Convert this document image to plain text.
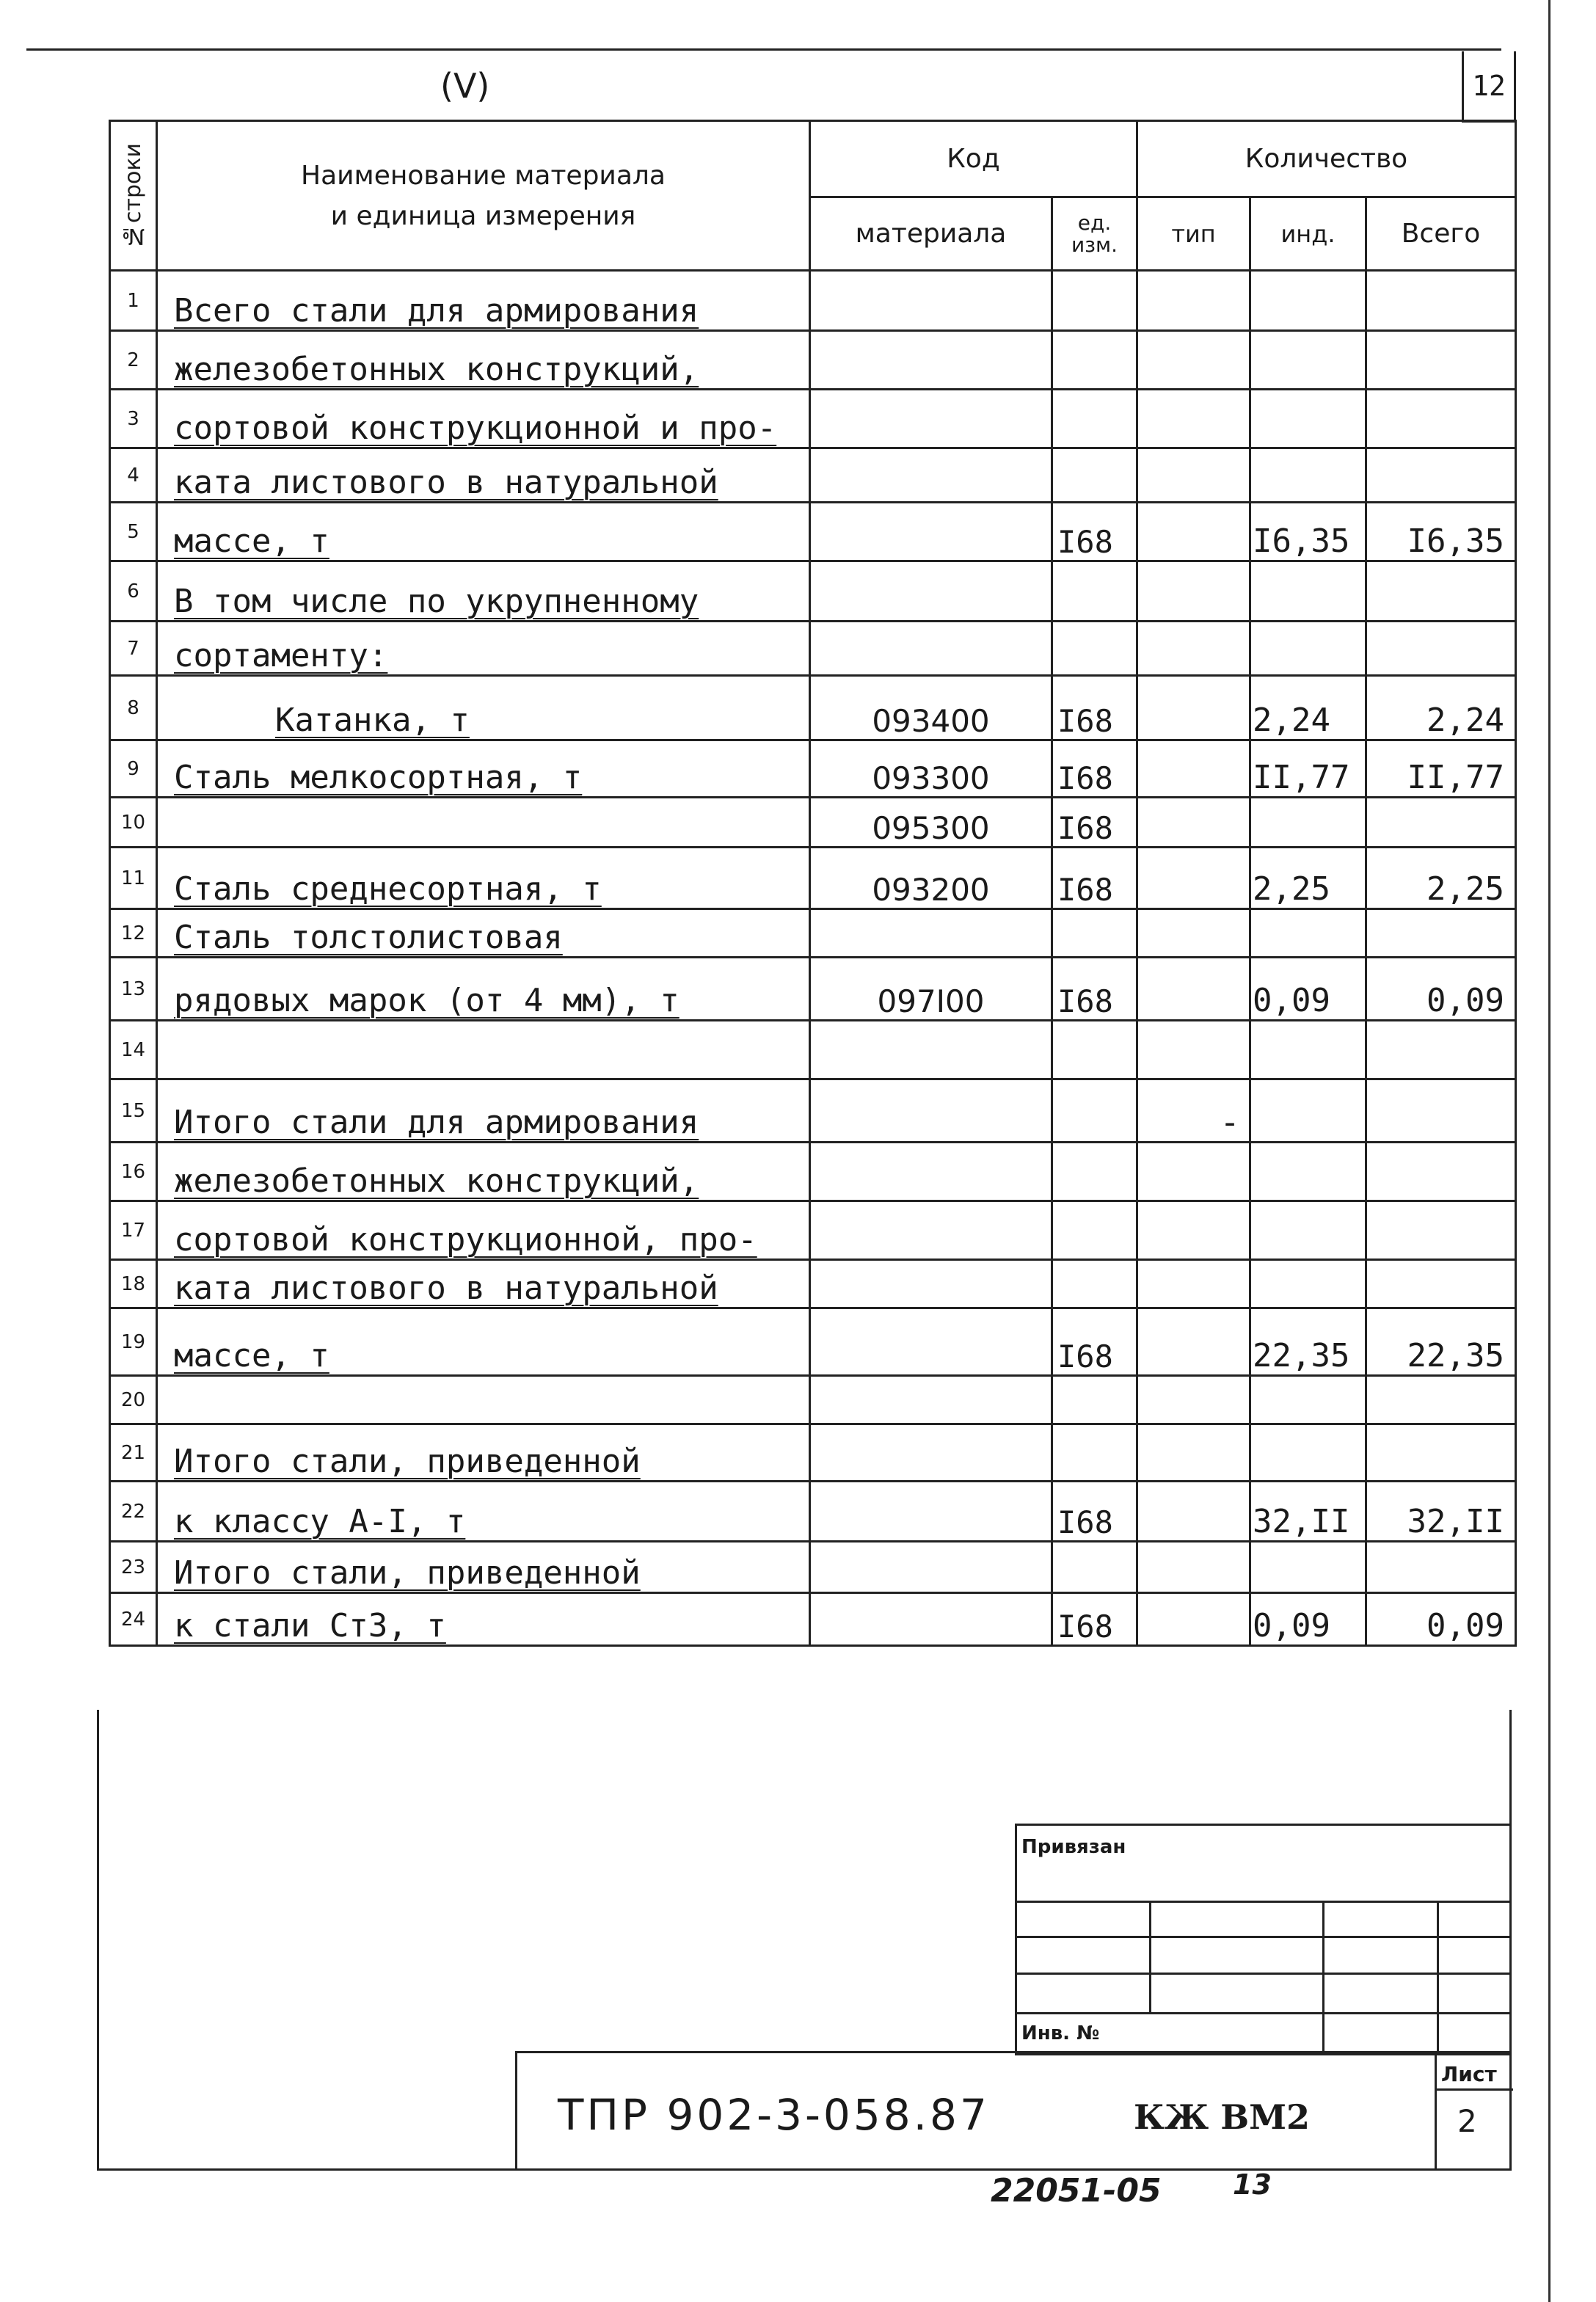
12
(V)
№строки	Наименование материала
и единица измерения	Код		Количество		
		материала	ед. изм.	тип	инд.	Всего
1	Всего стали для армирования					
2	железобетонных конструкций,					
3	сортовой конструкционной и про-					
4	ката листового в натуральной					
5	массе, т		I68		I6,35	I6,35
6	В том числе по укрупненному					
7	сортаменту:					
8	Катанка, т	093400	I68		2,24	2,24
9	Сталь мелкосортная, т	093300	I68		II,77	II,77
10		095300	I68			
11	Сталь среднесортная, т	093200	I68		2,25	2,25
12	Сталь толстолистовая					
13	рядовых марок (от 4 мм), т	097I00	I68		0,09	0,09
14						
15	Итого стали для армирования			-		
16	железобетонных конструкций,					
17	сортовой конструкционной, про-					
18	ката листового в натуральной					
19	массе, т		I68		22,35	22,35
20						
21	Итого стали, приведенной					
22	к классу А-I, т		I68		32,II	32,II
23	Итого стали, приведенной					
24	к стали Ст3, т		I68		0,09	0,09
Привязан
Инв. №
ТПР 902-3-058.87	КЖ ВМ2
Лист
2
22051-05	13
